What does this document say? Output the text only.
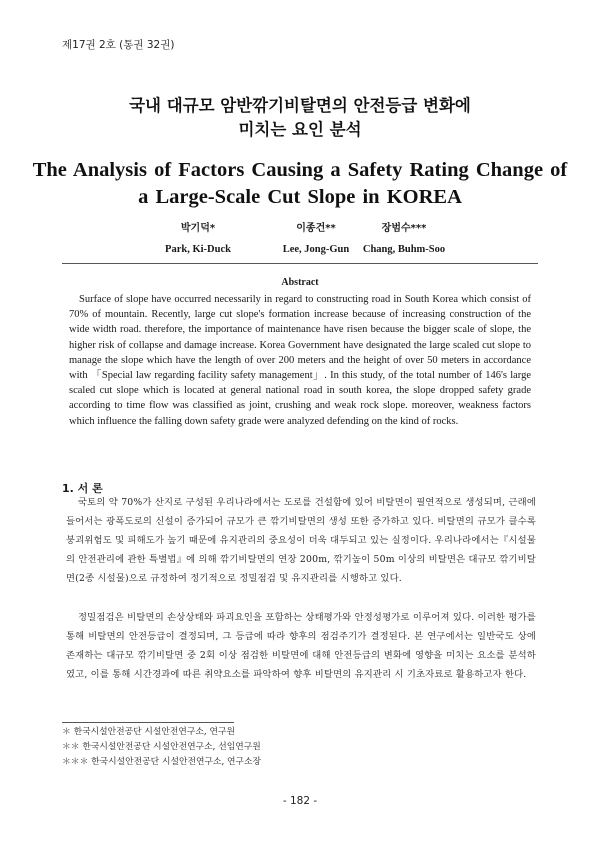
제17권 2호 (통권 32권)
국내 대규모 암반깎기비탈면의 안전등급 변화에
미치는 요인 분석
The Analysis of Factors Causing a Safety Rating Change of
a Large-Scale Cut Slope in KOREA
박기덕*
Park, Ki-Duck
이종건**
Lee, Jong-Gun
장범수***
Chang, Buhm-Soo
Abstract
Surface of slope have occurred necessarily in regard to constructing road in South Korea which consist of 70% of mountain. Recently, large cut slope's formation increase because of increasing construction of the wide width road. therefore, the importance of maintenance have risen because the bigger scale of slope, the higher risk of collapse and damage increase. Korea Government have designated the large scaled cut slope to manage the slope which have the length of over 200 meters and the height of over 50 meters in accordance with 「Special law regarding facility safety management」. In this study, of the total number of 146's large scaled cut slope which is located at general national road in south korea, the slope dropped safety grade according to time flow was classified as joint, crushing and weak rock slope. moreover, weakness factors which influence the falling down safety grade were analyzed defending on the kind of rocks.
1. 서 론
국토의 약 70%가 산지로 구성된 우리나라에서는 도로를 건설함에 있어 비탈면이 필연적으로 생성되며, 근래에 들어서는 광폭도로의 신설이 증가되어 규모가 큰 깎기비탈면의 생성 또한 증가하고 있다. 비탈면의 규모가 클수록 붕괴위험도 및 피해도가 높기 때문에 유지관리의 중요성이 더욱 대두되고 있는 실정이다. 우리나라에서는『시설물의 안전관리에 관한 특별법』에 의해 깎기비탈면의 연장 200m, 깎기높이 50m 이상의 비탈면은 대규모 깎기비탈면(2종 시설물)으로 규정하여 정기적으로 정밀점검 및 유지관리를 시행하고 있다.
정밀점검은 비탈면의 손상상태와 파괴요인을 포함하는 상태평가와 안정성평가로 이루어져 있다. 이러한 평가를 통해 비탈면의 안전등급이 결정되며, 그 등급에 따라 향후의 점검주기가 결정된다. 본 연구에서는 일반국도 상에 존재하는 대규모 깎기비탈면 중 2회 이상 점검한 비탈면에 대해 안전등급의 변화에 영향을 미치는 요소를 분석하였고, 이를 통해 시간경과에 따른 취약요소를 파악하여 향후 비탈면의 유지관리 시 기초자료로 활용하고자 한다.
＊ 한국시설안전공단 시설안전연구소, 연구원
＊＊ 한국시설안전공단 시설안전연구소, 선임연구원
＊＊＊ 한국시설안전공단 시설안전연구소, 연구소장
- 182 -
